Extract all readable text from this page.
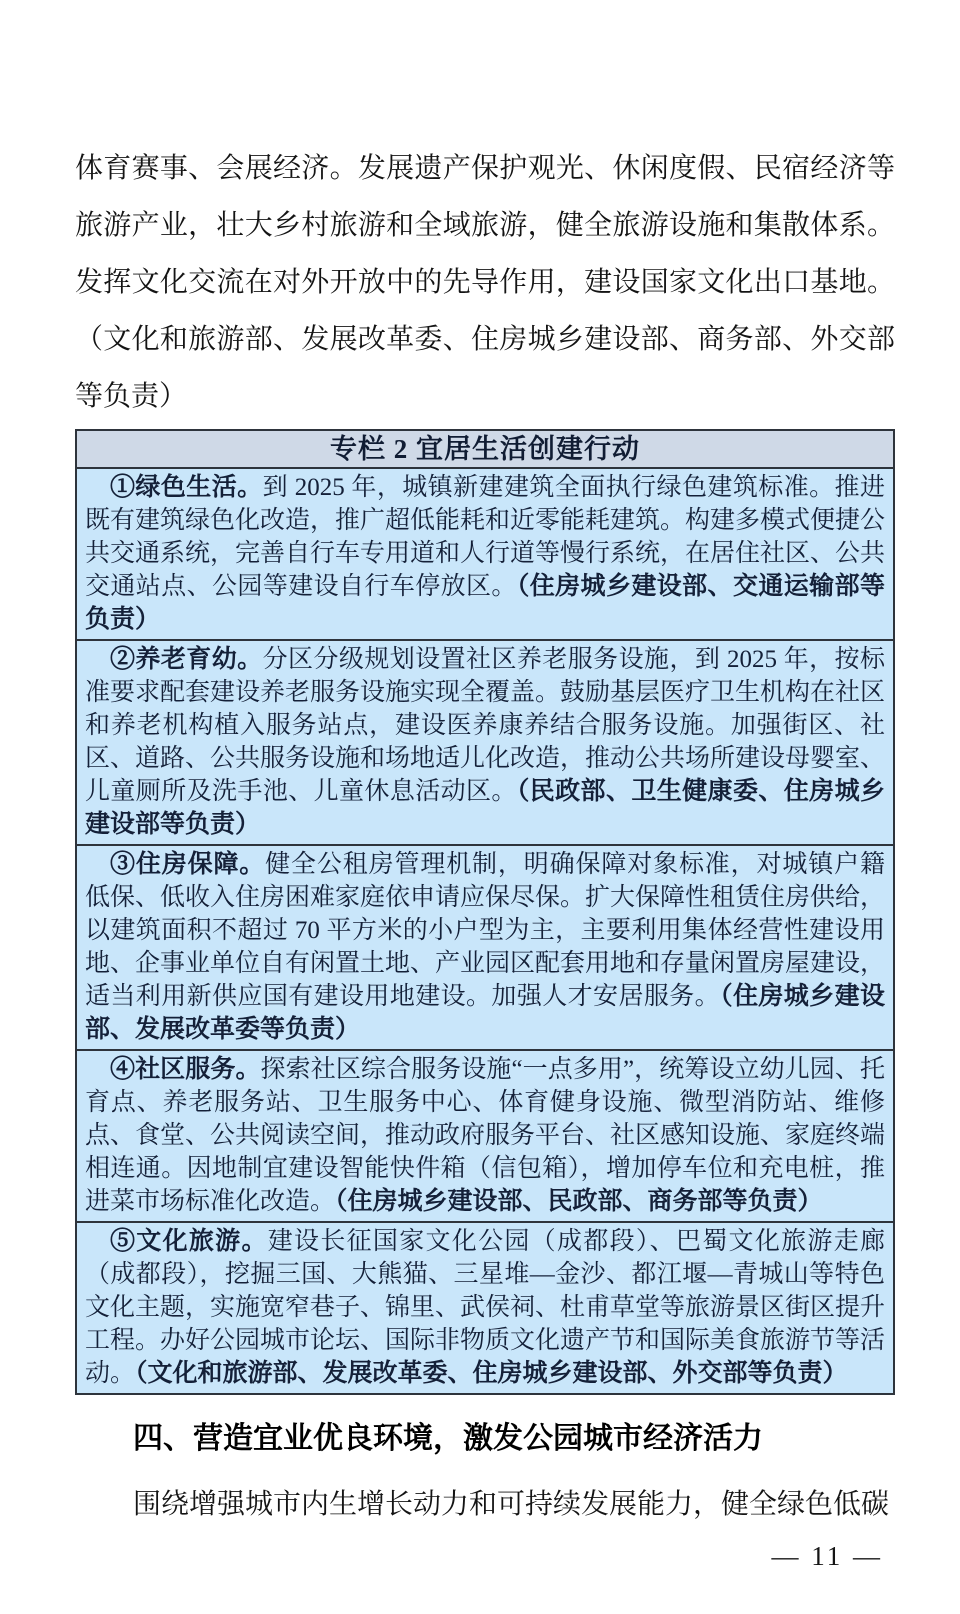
体育赛事、会展经济。发展遗产保护观光、休闲度假、民宿经济等
旅游产业，壮大乡村旅游和全域旅游，健全旅游设施和集散体系。
发挥文化交流在对外开放中的先导作用，建设国家文化出口基地。
（文化和旅游部、发展改革委、住房城乡建设部、商务部、外交部
等负责）
专栏 2 宜居生活创建行动

①绿色生活。到 2025 年，城镇新建建筑全面执行绿色建筑标准。推进既有建筑绿色化改造，推广超低能耗和近零能耗建筑。构建多模式便捷公共交通系统，完善自行车专用道和人行道等慢行系统，在居住社区、公共交通站点、公园等建设自行车停放区。（住房城乡建设部、交通运输部等负责）

②养老育幼。分区分级规划设置社区养老服务设施，到 2025 年，按标准要求配套建设养老服务设施实现全覆盖。鼓励基层医疗卫生机构在社区和养老机构植入服务站点，建设医养康养结合服务设施。加强街区、社区、道路、公共服务设施和场地适儿化改造，推动公共场所建设母婴室、儿童厕所及洗手池、儿童休息活动区。（民政部、卫生健康委、住房城乡建设部等负责）

③住房保障。健全公租房管理机制，明确保障对象标准，对城镇户籍低保、低收入住房困难家庭依申请应保尽保。扩大保障性租赁住房供给，以建筑面积不超过 70 平方米的小户型为主，主要利用集体经营性建设用地、企事业单位自有闲置土地、产业园区配套用地和存量闲置房屋建设，适当利用新供应国有建设用地建设。加强人才安居服务。（住房城乡建设部、发展改革委等负责）

④社区服务。探索社区综合服务设施“一点多用”，统筹设立幼儿园、托育点、养老服务站、卫生服务中心、体育健身设施、微型消防站、维修点、食堂、公共阅读空间，推动政府服务平台、社区感知设施、家庭终端相连通。因地制宜建设智能快件箱（信包箱），增加停车位和充电桩，推进菜市场标准化改造。（住房城乡建设部、民政部、商务部等负责）

⑤文化旅游。建设长征国家文化公园（成都段）、巴蜀文化旅游走廊（成都段），挖掘三国、大熊猫、三星堆—金沙、都江堰—青城山等特色文化主题，实施宽窄巷子、锦里、武侯祠、杜甫草堂等旅游景区街区提升工程。办好公园城市论坛、国际非物质文化遗产节和国际美食旅游节等活动。（文化和旅游部、发展改革委、住房城乡建设部、外交部等负责）

四、营造宜业优良环境，激发公园城市经济活力

围绕增强城市内生增长动力和可持续发展能力，健全绿色低碳

— 11 —
